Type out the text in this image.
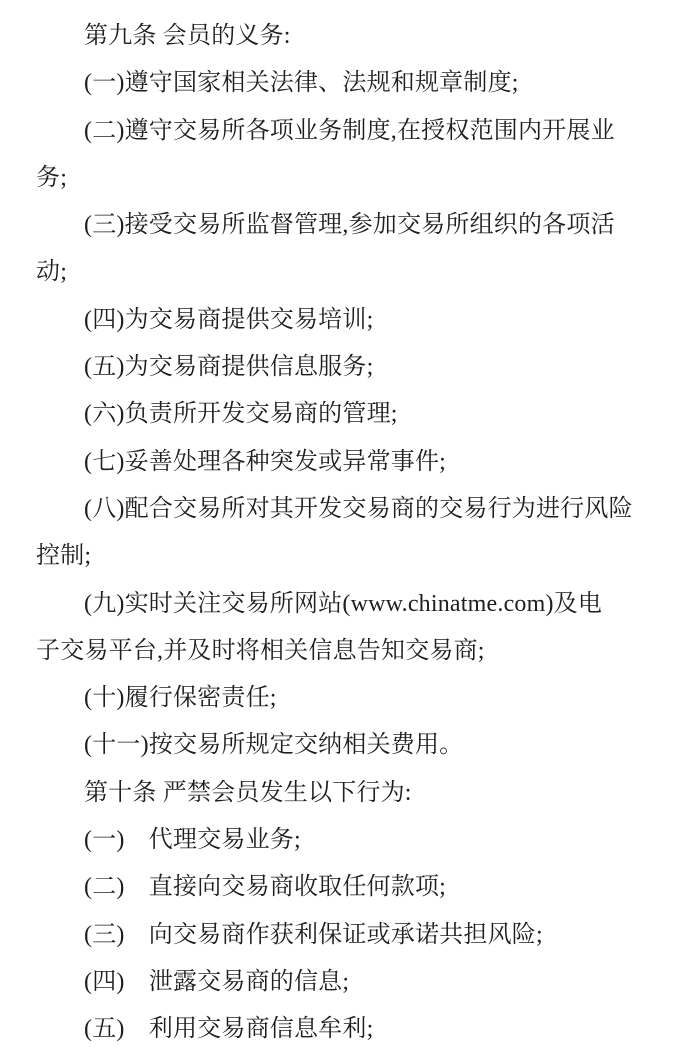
第九条 会员的义务:

(一)遵守国家相关法律、法规和规章制度;

(二)遵守交易所各项业务制度,在授权范围内开展业

务;

(三)接受交易所监督管理,参加交易所组织的各项活

动;

(四)为交易商提供交易培训;

(五)为交易商提供信息服务;

(六)负责所开发交易商的管理;

(七)妥善处理各种突发或异常事件;

(八)配合交易所对其开发交易商的交易行为进行风险

控制;

(九)实时关注交易所网站(www.chinatme.com)及电

子交易平台,并及时将相关信息告知交易商;

(十)履行保密责任;

(十一)按交易所规定交纳相关费用。

第十条 严禁会员发生以下行为:

(一)　代理交易业务;

(二)　直接向交易商收取任何款项;

(三)　向交易商作获利保证或承诺共担风险;

(四)　泄露交易商的信息;

(五)　利用交易商信息牟利;
